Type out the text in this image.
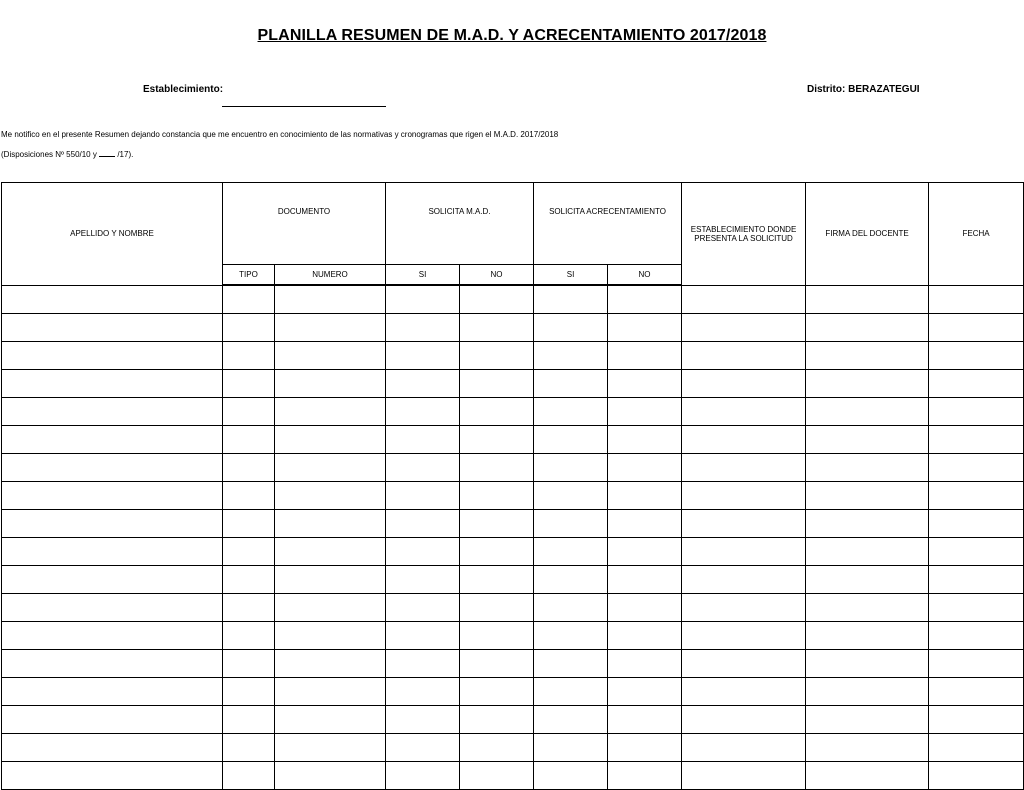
PLANILLA RESUMEN DE M.A.D. Y ACRECENTAMIENTO 2017/2018
Establecimiento:	Distrito: BERAZATEGUI
Me notifico en el presente Resumen dejando constancia que me encuentro en conocimiento de las normativas y cronogramas que rigen el M.A.D. 2017/2018
(Disposiciones Nº 550/10 y	/17).
APELLIDO Y NOMBRE	DOCUMENTO		SOLICITA M.A.D.		SOLICITA ACRECENTAMIENTO		ESTABLECIMIENTO DONDE PRESENTA LA SOLICITUD	FIRMA DEL DOCENTE	FECHA
	TIPO	NUMERO	SI	NO	SI	NO			
